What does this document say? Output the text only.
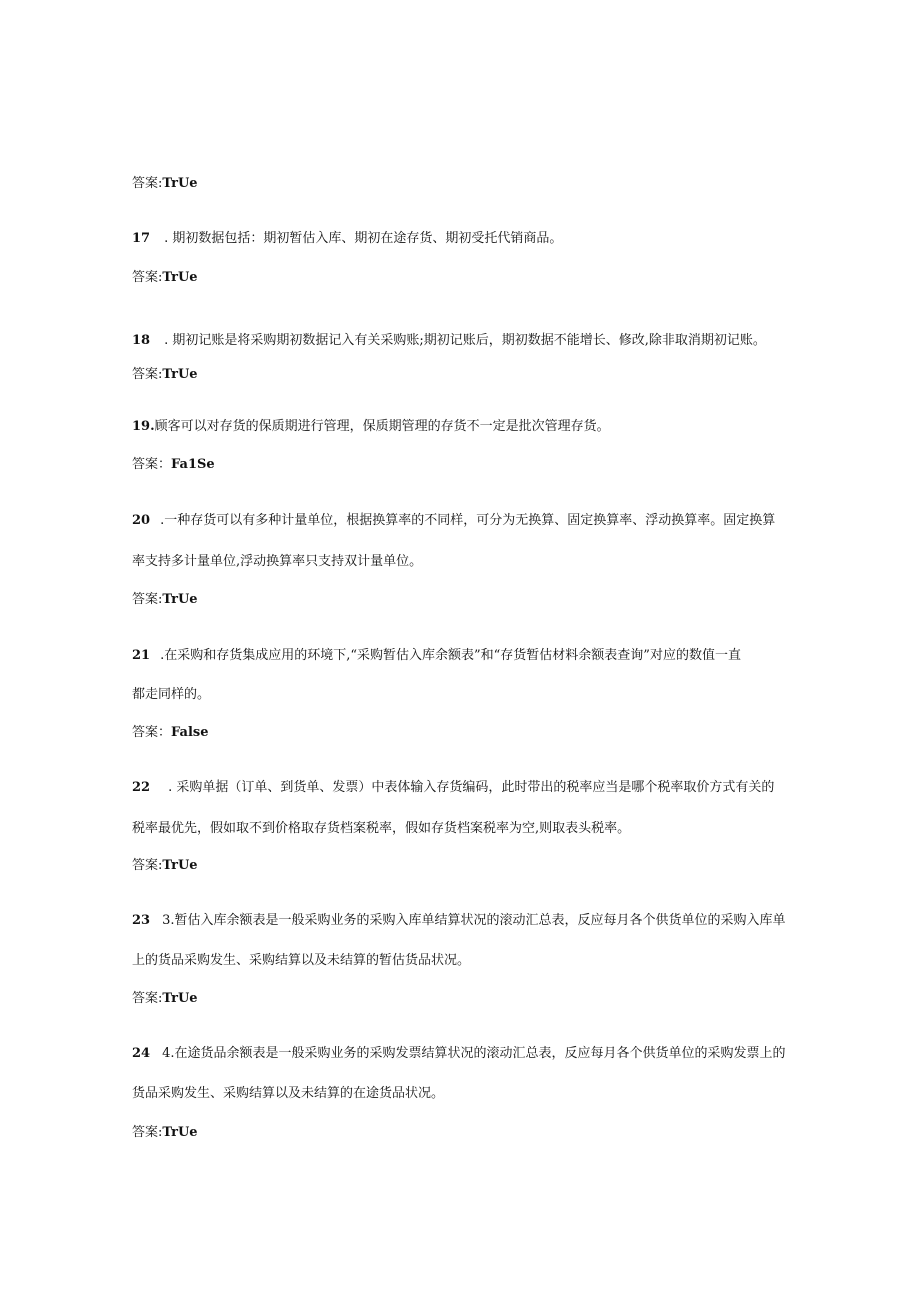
答案:TrUe
17 . 期初数据包括：期初暂估入库、期初在途存货、期初受托代销商品。
答案:TrUe
18 . 期初记账是将采购期初数据记入有关采购账;期初记账后，期初数据不能增长、修改,除非取消期初记账。
答案:TrUe
19.顾客可以对存货的保质期进行管理，保质期管理的存货不一定是批次管理存货。
答案：Fa1Se
20 .一种存货可以有多种计量单位，根据换算率的不同样，可分为无换算、固定换算率、浮动换算率。固定换算
率支持多计量单位,浮动换算率只支持双计量单位。
答案:TrUe
21 .在采购和存货集成应用的环境下,“采购暂估入库余额表”和“存货暂估材料余额表查询”对应的数值一直
都走同样的。
答案：False
22 . 采购单据（订单、到货单、发票）中表体输入存货编码，此时带出的税率应当是哪个税率取价方式有关的
税率最优先，假如取不到价格取存货档案税率，假如存货档案税率为空,则取表头税率。
答案:TrUe
23 3.暂估入库余额表是一般采购业务的采购入库单结算状况的滚动汇总表，反应每月各个供货单位的采购入库单
上的货品采购发生、采购结算以及未结算的暂估货品状况。
答案:TrUe
24 4.在途货品余额表是一般采购业务的采购发票结算状况的滚动汇总表，反应每月各个供货单位的采购发票上的
货品采购发生、采购结算以及未结算的在途货品状况。
答案:TrUe
